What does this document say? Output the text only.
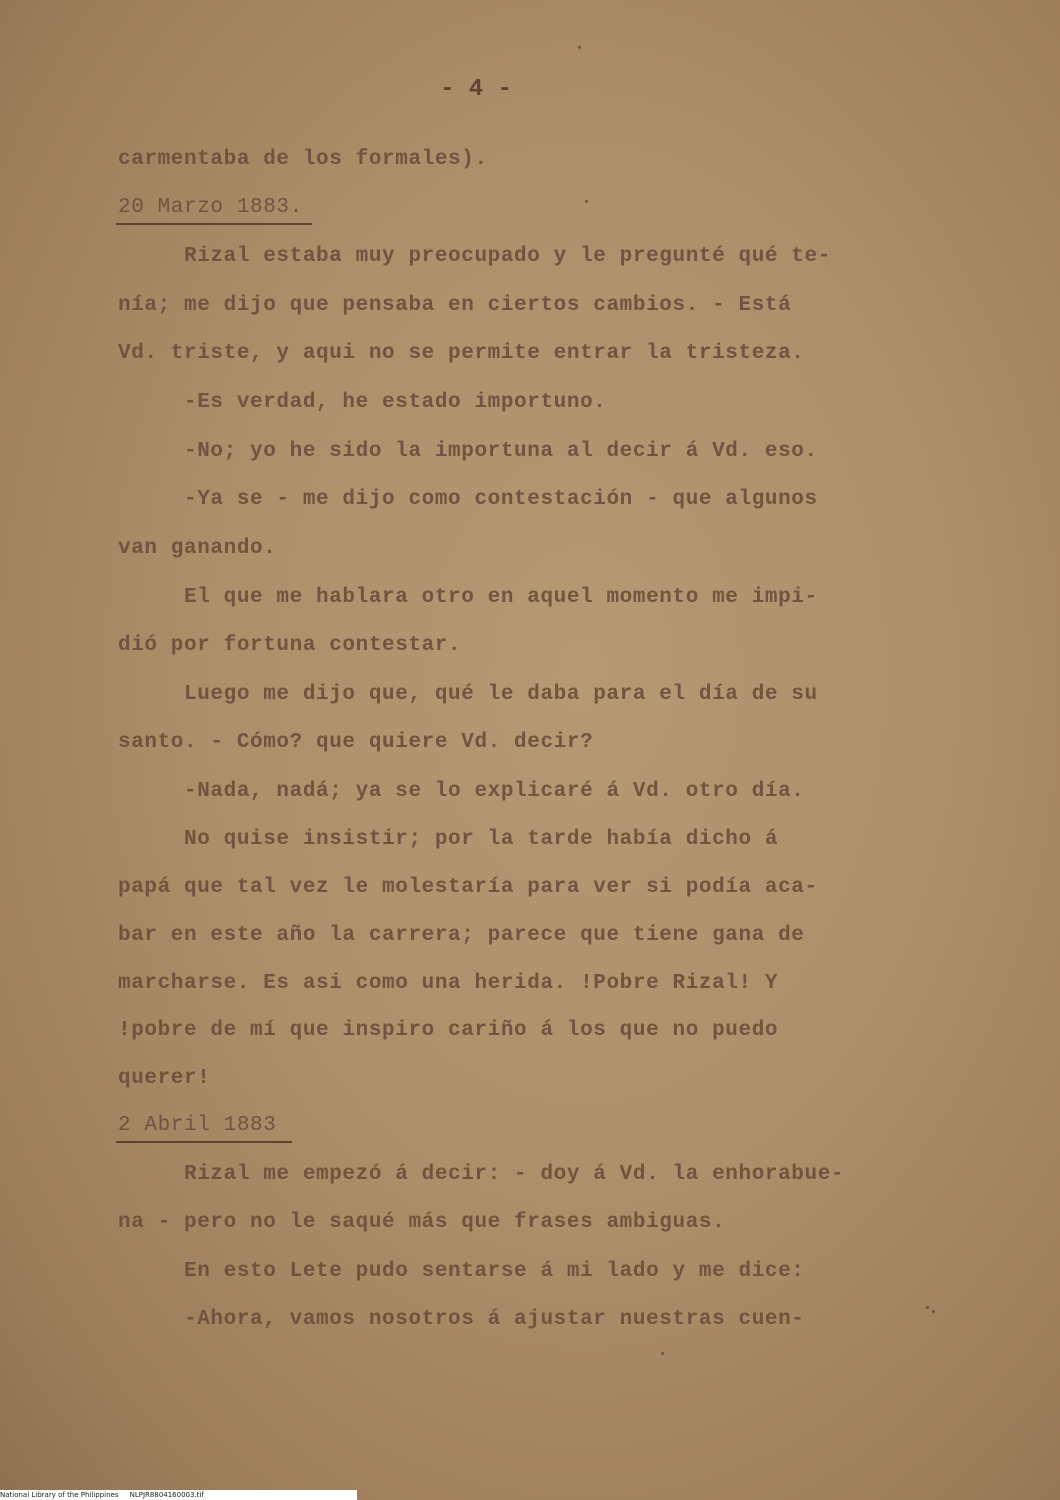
- 4 -
carmentaba de los formales).
20 Marzo 1883.
Rizal estaba muy preocupado y le pregunté qué te-
nía; me dijo que pensaba en ciertos cambios. - Está
Vd. triste, y aqui no se permite entrar la tristeza.
-Es verdad, he estado importuno.
-No; yo he sido la importuna al decir á Vd. eso.
-Ya se - me dijo como contestación - que algunos
van ganando.
El que me hablara otro en aquel momento me impi-
dió por fortuna contestar.
Luego me dijo que, qué le daba para el día de su
santo. - Cómo? que quiere Vd. decir?
-Nada, nadá; ya se lo explicaré á Vd. otro día.
No quise insistir; por la tarde había dicho á
papá que tal vez le molestaría para ver si podía aca-
bar en este año la carrera; parece que tiene gana de
marcharse. Es asi como una herida. !Pobre Rizal! Y
!pobre de mí que inspiro cariño á los que no puedo
querer!
2 Abril 1883
Rizal me empezó á decir: - doy á Vd. la enhorabue-
na - pero no le saqué más que frases ambiguas.
En esto Lete pudo sentarse á mi lado y me dice:
-Ahora, vamos nosotros á ajustar nuestras cuen-
National Library of the Philippines     NLPJR8804160003.tif
